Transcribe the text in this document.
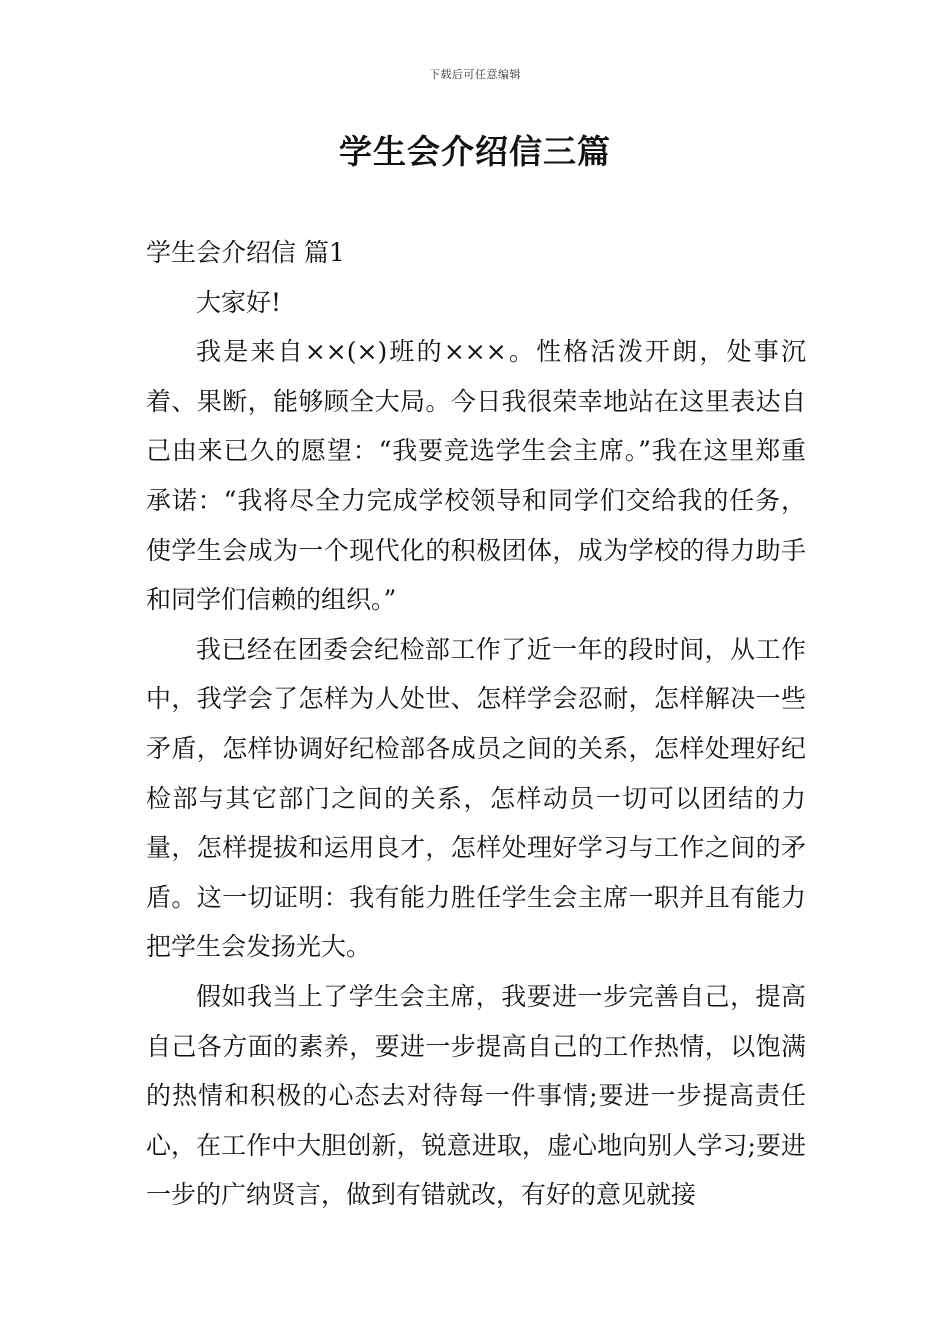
下载后可任意编辑
学生会介绍信三篇
学生会介绍信 篇1

大家好!

我是来自××(×)班的×××。性格活泼开朗，处事沉着、果断，能够顾全大局。今日我很荣幸地站在这里表达自己由来已久的愿望：“我要竞选学生会主席。”我在这里郑重承诺：“我将尽全力完成学校领导和同学们交给我的任务，使学生会成为一个现代化的积极团体，成为学校的得力助手和同学们信赖的组织。”

我已经在团委会纪检部工作了近一年的段时间，从工作中，我学会了怎样为人处世、怎样学会忍耐，怎样解决一些矛盾，怎样协调好纪检部各成员之间的关系，怎样处理好纪检部与其它部门之间的关系，怎样动员一切可以团结的力量，怎样提拔和运用良才，怎样处理好学习与工作之间的矛盾。这一切证明：我有能力胜任学生会主席一职并且有能力把学生会发扬光大。

假如我当上了学生会主席，我要进一步完善自己，提高自己各方面的素养，要进一步提高自己的工作热情，以饱满的热情和积极的心态去对待每一件事情;要进一步提高责任心，在工作中大胆创新，锐意进取，虚心地向别人学习;要进一步的广纳贤言，做到有错就改，有好的意见就接
